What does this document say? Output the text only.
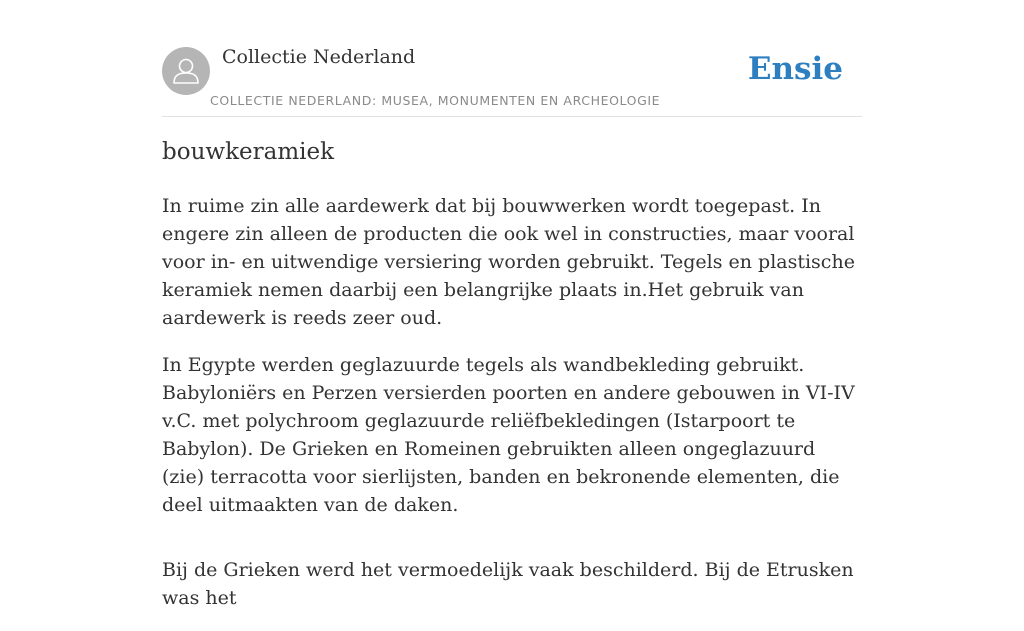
Collectie Nederland
COLLECTIE NEDERLAND: MUSEA, MONUMENTEN EN ARCHEOLOGIE
Ensie
bouwkeramiek

In ruime zin alle aardewerk dat bij bouwwerken wordt toegepast. In engere zin alleen de producten die ook wel in constructies, maar vooral voor in- en uitwendige versiering worden gebruikt. Tegels en plastische keramiek nemen daarbij een belangrijke plaats in.Het gebruik van aardewerk is reeds zeer oud.

In Egypte werden geglazuurde tegels als wandbekleding gebruikt. Babyloniërs en Perzen versierden poorten en andere gebouwen in VI-IV v.C. met polychroom geglazuurde reliëfbekledingen (Istarpoort te Babylon). De Grieken en Romeinen gebruikten alleen ongeglazuurd (zie) terracotta voor sierlijsten, banden en bekronende elementen, die deel uitmaakten van de daken.

Bij de Grieken werd het vermoedelijk vaak beschilderd. Bij de Etrusken was het
